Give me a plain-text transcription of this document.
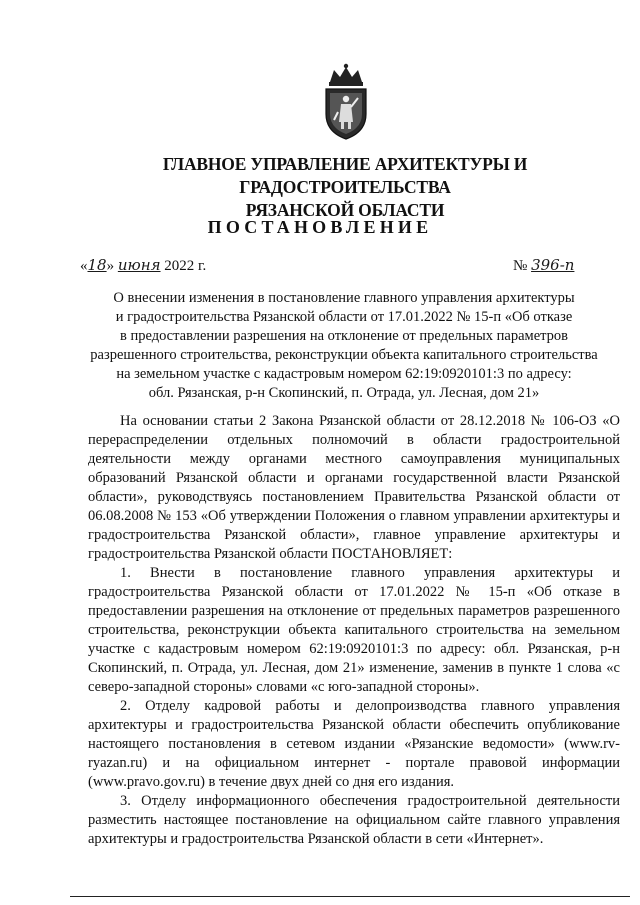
ГЛАВНОЕ УПРАВЛЕНИЕ АРХИТЕКТУРЫ И ГРАДОСТРОИТЕЛЬСТВА
РЯЗАНСКОЙ ОБЛАСТИ
ПОСТАНОВЛЕНИЕ
«18» июня 2022 г.	№ 396-п
О внесении изменения в постановление главного управления архитектуры
и градостроительства Рязанской области от 17.01.2022 № 15-п «Об отказе
в предоставлении разрешения на отклонение от предельных параметров
разрешенного строительства, реконструкции объекта капитального строительства
на земельном участке с кадастровым номером 62:19:0920101:3 по адресу:
обл. Рязанская, р-н Скопинский, п. Отрада, ул. Лесная, дом 21»

На основании статьи 2 Закона Рязанской области от 28.12.2018 № 106-ОЗ «О перераспределении отдельных полномочий в области градостроительной деятельности между органами местного самоуправления муниципальных образований Рязанской области и органами государственной власти Рязанской области», руководствуясь постановлением Правительства Рязанской области от 06.08.2008 № 153 «Об утверждении Положения о главном управлении архитектуры и градостроительства Рязанской области», главное управление архитектуры и градостроительства Рязанской области ПОСТАНОВЛЯЕТ:

1. Внести в постановление главного управления архитектуры и градостроительства Рязанской области от 17.01.2022 № 15-п «Об отказе в предоставлении разрешения на отклонение от предельных параметров разрешенного строительства, реконструкции объекта капитального строительства на земельном участке с кадастровым номером 62:19:0920101:3 по адресу: обл. Рязанская, р-н Скопинский, п. Отрада, ул. Лесная, дом 21» изменение, заменив в пункте 1 слова «с северо-западной стороны» словами «с юго-западной стороны».

2. Отделу кадровой работы и делопроизводства главного управления архитектуры и градостроительства Рязанской области обеспечить опубликование настоящего постановления в сетевом издании «Рязанские ведомости» (www.rv-ryazan.ru) и на официальном интернет - портале правовой информации (www.pravo.gov.ru) в течение двух дней со дня его издания.

3. Отделу информационного обеспечения градостроительной деятельности разместить настоящее постановление на официальном сайте главного управления архитектуры и градостроительства Рязанской области в сети «Интернет».
